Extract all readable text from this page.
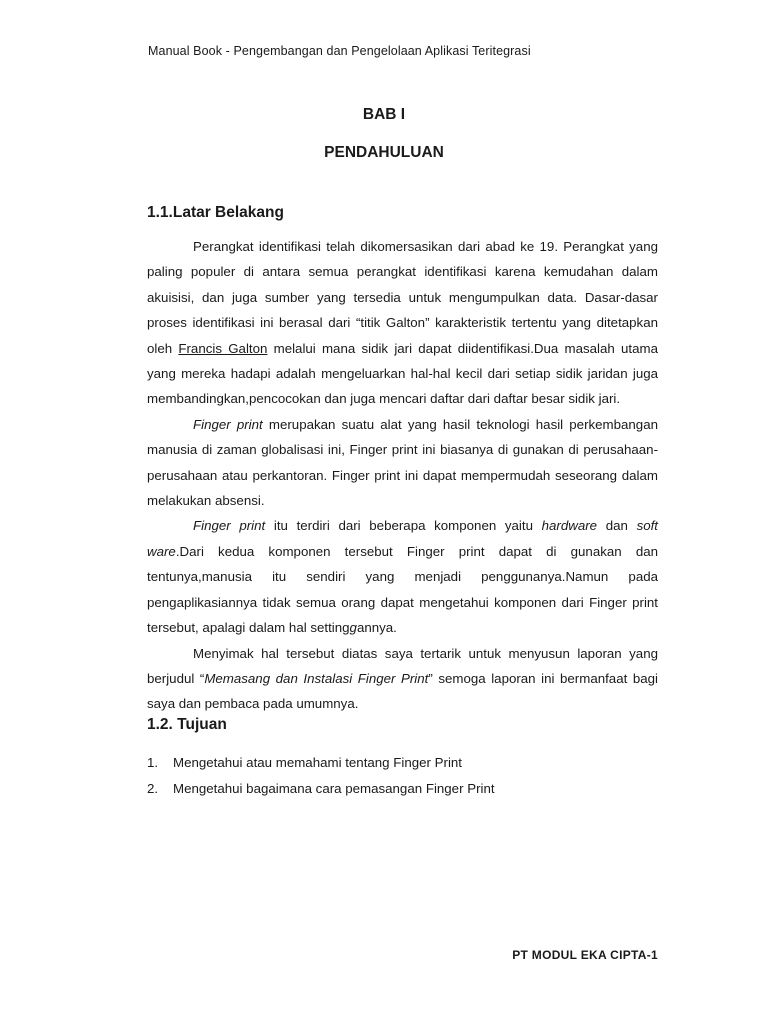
Manual Book - Pengembangan dan Pengelolaan Aplikasi Teritegrasi
BAB I
PENDAHULUAN
1.1.Latar Belakang

Perangkat identifikasi telah dikomersasikan dari abad ke 19. Perangkat yang paling populer di antara semua perangkat identifikasi karena kemudahan dalam akuisisi, dan juga sumber yang tersedia untuk mengumpulkan data. Dasar-dasar proses identifikasi ini berasal dari “titik Galton” karakteristik tertentu yang ditetapkan oleh Francis Galton melalui mana sidik jari dapat diidentifikasi.Dua masalah utama yang mereka hadapi adalah mengeluarkan hal-hal kecil dari setiap sidik jaridan juga membandingkan,pencocokan dan juga mencari daftar dari daftar besar sidik jari.

Finger print merupakan suatu alat yang hasil teknologi hasil perkembangan manusia di zaman globalisasi ini, Finger print ini biasanya di gunakan di perusahaan-perusahaan atau perkantoran. Finger print ini dapat mempermudah seseorang dalam melakukan absensi.

Finger print itu terdiri dari beberapa komponen yaitu hardware dan soft ware.Dari kedua komponen tersebut Finger print dapat di gunakan dan tentunya,manusia itu sendiri yang menjadi penggunanya.Namun pada pengaplikasiannya tidak semua orang dapat mengetahui komponen dari Finger print tersebut, apalagi dalam hal settinggannya.

Menyimak hal tersebut diatas saya tertarik untuk menyusun laporan yang berjudul “Memasang dan Instalasi Finger Print” semoga laporan ini bermanfaat bagi saya dan pembaca pada umumnya.

1.2. Tujuan
1.	Mengetahui atau memahami tentang Finger Print
2.	Mengetahui bagaimana cara pemasangan Finger Print
PT MODUL EKA CIPTA-1
